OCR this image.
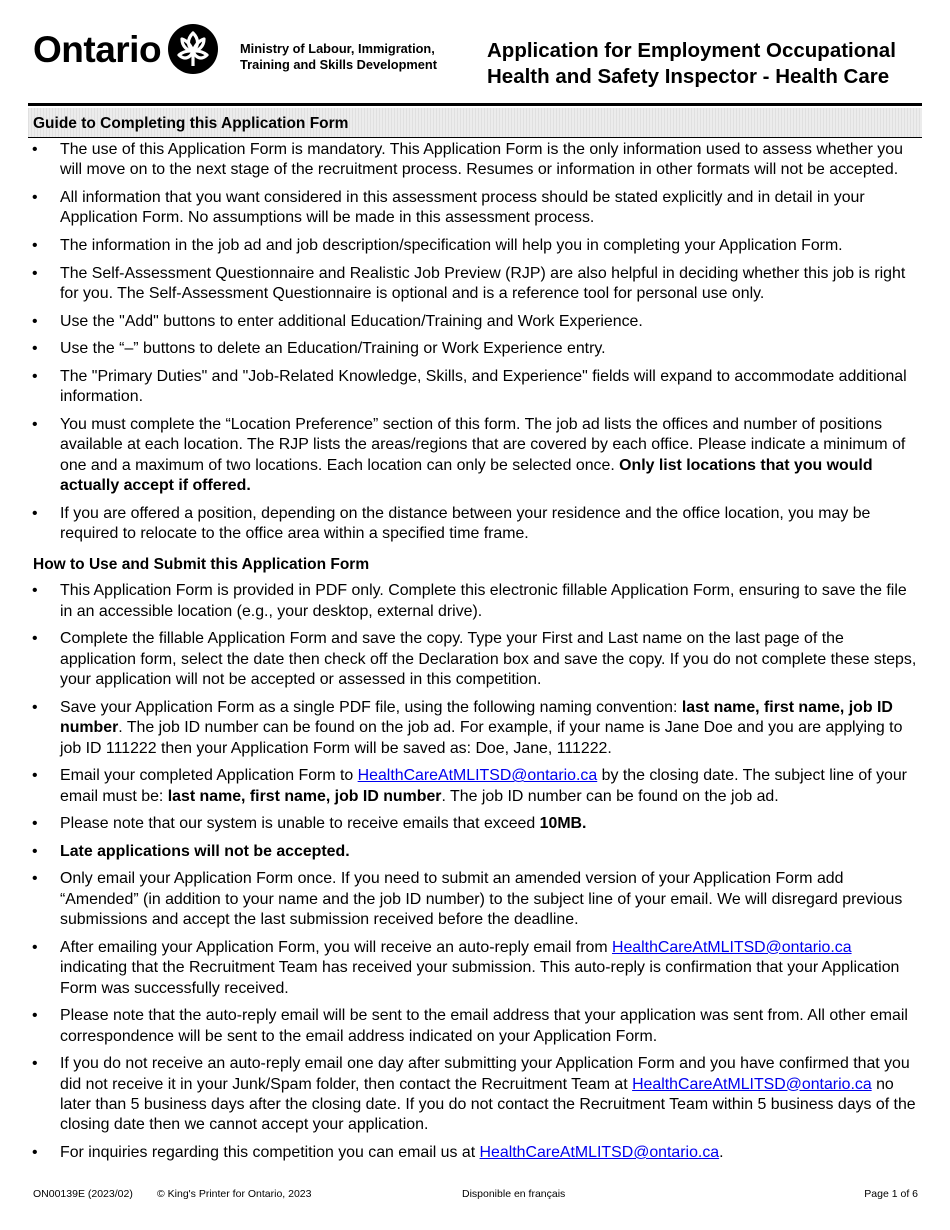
Ontario	Ministry of Labour, Immigration,
Training and Skills Development
Application for Employment Occupational
Health and Safety Inspector - Health Care
Guide to Completing this Application Form
• The use of this Application Form is mandatory. This Application Form is the only information used to assess whether you will move on to the next stage of the recruitment process. Resumes or information in other formats will not be accepted.
• All information that you want considered in this assessment process should be stated explicitly and in detail in your Application Form. No assumptions will be made in this assessment process.
• The information in the job ad and job description/specification will help you in completing your Application Form.
• The Self-Assessment Questionnaire and Realistic Job Preview (RJP) are also helpful in deciding whether this job is right for you. The Self-Assessment Questionnaire is optional and is a reference tool for personal use only.
• Use the "Add" buttons to enter additional Education/Training and Work Experience.
• Use the “–” buttons to delete an Education/Training or Work Experience entry.
• The "Primary Duties" and "Job-Related Knowledge, Skills, and Experience" fields will expand to accommodate additional information.
• You must complete the “Location Preference” section of this form. The job ad lists the offices and number of positions available at each location. The RJP lists the areas/regions that are covered by each office. Please indicate a minimum of one and a maximum of two locations. Each location can only be selected once. Only list locations that you would actually accept if offered.
• If you are offered a position, depending on the distance between your residence and the office location, you may be required to relocate to the office area within a specified time frame.
How to Use and Submit this Application Form
• This Application Form is provided in PDF only. Complete this electronic fillable Application Form, ensuring to save the file in an accessible location (e.g., your desktop, external drive).
• Complete the fillable Application Form and save the copy. Type your First and Last name on the last page of the application form, select the date then check off the Declaration box and save the copy. If you do not complete these steps, your application will not be accepted or assessed in this competition.
• Save your Application Form as a single PDF file, using the following naming convention: last name, first name, job ID number. The job ID number can be found on the job ad. For example, if your name is Jane Doe and you are applying to job ID 111222 then your Application Form will be saved as: Doe, Jane, 111222.
• Email your completed Application Form to HealthCareAtMLITSD@ontario.ca by the closing date. The subject line of your email must be: last name, first name, job ID number. The job ID number can be found on the job ad.
• Please note that our system is unable to receive emails that exceed 10MB.
• Late applications will not be accepted.
• Only email your Application Form once. If you need to submit an amended version of your Application Form add “Amended” (in addition to your name and the job ID number) to the subject line of your email. We will disregard previous submissions and accept the last submission received before the deadline.
• After emailing your Application Form, you will receive an auto-reply email from HealthCareAtMLITSD@ontario.ca indicating that the Recruitment Team has received your submission. This auto-reply is confirmation that your Application Form was successfully received.
• Please note that the auto-reply email will be sent to the email address that your application was sent from. All other email correspondence will be sent to the email address indicated on your Application Form.
• If you do not receive an auto-reply email one day after submitting your Application Form and you have confirmed that you did not receive it in your Junk/Spam folder, then contact the Recruitment Team at HealthCareAtMLITSD@ontario.ca no later than 5 business days after the closing date. If you do not contact the Recruitment Team within 5 business days of the closing date then we cannot accept your application.
• For inquiries regarding this competition you can email us at HealthCareAtMLITSD@ontario.ca.
ON00139E (2023/02) © King's Printer for Ontario, 2023	Disponible en français	Page 1 of 6
